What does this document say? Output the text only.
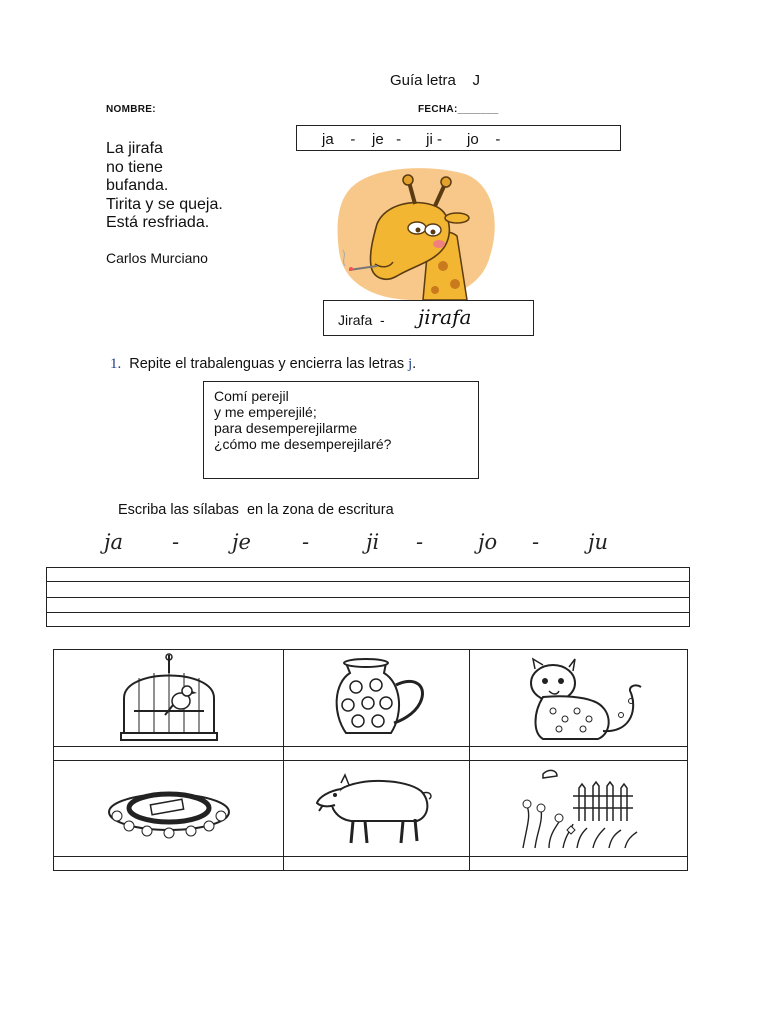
Guía letra    J
NOMBRE:	FECHA:_______
La jirafa
no tiene
bufanda.
Tirita y se queja.
Está resfriada.
Carlos Murciano
ja    -    je   -      ji -      jo    -
Jirafa  - jirafa
1. Repite el trabalenguas y encierra las letras j.
Comí perejil
y me emperejilé;
para desemperejilarme
¿cómo me desemperejilaré?
Escriba las sílabas  en la zona de escritura
ja -	je -	ji -	jo - ju
